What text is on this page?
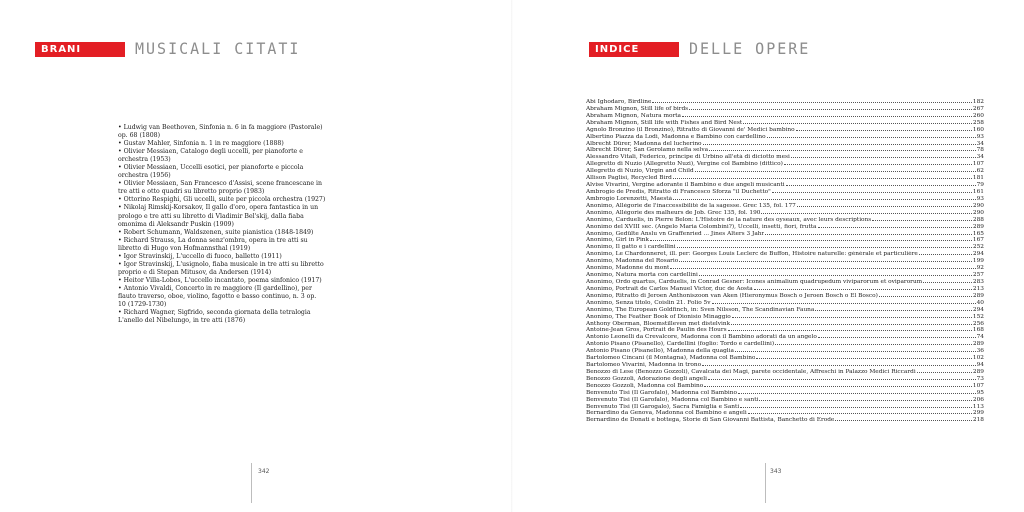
BRANI	MUSICALI CITATI

• Ludwig van Beethoven, Sinfonia n. 6 in fa maggiore (Pastorale) op. 68 (1808)

• Gustav Mahler, Sinfonia n. 1 in re maggiore (1888)

• Olivier Messiaen, Catalogo degli uccelli, per pianoforte e orchestra (1953)

• Olivier Messiaen, Uccelli esotici, per pianoforte e piccola orchestra (1956)

• Olivier Messiaen, San Francesco d'Assisi, scene francescane in tre atti e otto quadri su libretto proprio (1983)

• Ottorino Respighi, Gli uccelli, suite per piccola orchestra (1927)

• Nikolaj Rimskij-Korsakov, Il gallo d'oro, opera fantastica in un prologo e tre atti su libretto di Vladimir Bel'skij, dalla fiaba omonima di Aleksandr Puskin (1909)

• Robert Schumann, Waldszenen, suite pianistica (1848-1849)

• Richard Strauss, La donna senz'ombra, opera in tre atti su libretto di Hugo von Hofmannsthal (1919)

• Igor Stravinskij, L'uccello di fuoco, balletto (1911)

• Igor Stravinskij, L'usignolo, fiaba musicale in tre atti su libretto proprio e di Stepan Mitusov, da Andersen (1914)

• Heitor Villa-Lobos, L'uccello incantato, poema sinfonico (1917)

• Antonio Vivaldi, Concerto in re maggiore (Il gardellino), per flauto traverso, oboe, violino, fagotto e basso continuo, n. 3 op. 10 (1729-1730)

• Richard Wagner, Sigfrido, seconda giornata della tetralogia L'anello del Nibelungo, in tre atti (1876)

342
INDICE	DELLE OPERE
Abi Ighodaro, Birdline	182
Abraham Mignon, Still life of birds	267
Abraham Mignon, Natura morta	260
Abraham Mignon, Still life with Fishes and Bird Nest	258
Agnolo Bronzino (il Bronzino), Ritratto di Giovanni de' Medici bambino	160
Albertino Piazza da Lodi, Madonna e Bambino con cardellino	93
Albrecht Dürer, Madonna del lucherino	34
Albrecht Dürer, San Gerolamo nella selva	78
Alessandro Vitali, Federico, principe di Urbino all'età di diciotto mesi	34
Allegretto di Nuzio (Allegretto Nuzi), Vergine col Bambino (dittico)	107
Allegretto di Nuzio, Virgin and Child	62
Allison Paglisi, Recycled Bird	181
Alvise Vivarini, Vergine adorante il Bambino e due angeli musicanti	79
Ambrogio de Predis, Ritratto di Francesco Sforza "il Duchetto"	161
Ambrogio Lorenzetti, Maestà	93
Anonimo, Allégorie de l'inaccessibilité de la sagesse. Grec 135, fol. 177	290
Anonimo, Allégorie des malheurs de Job. Grec 135, fol. 190	290
Anonimo, Carduelis, in Pierre Belon: L'Histoire de la nature des oyseaux, avec leurs descriptions	288
Anonimo del XVIII sec. (Angelo Maria Colombini?), Uccelli, insetti, fiori, frutta	289
Anonimo, Gedülte Anslu vn Graffenried ... Jines Alters 3 Jahr	165
Anonimo, Girl in Pink	167
Anonimo, Il gatto e i cardellini	252
Anonimo, Le Chardonneret, ill. per: Georges Louis Leclerc de Buffon, Histoire naturelle: générale et particulière	294
Anonimo, Madonna del Rosario	199
Anonimo, Madonne du mont	92
Anonimo, Natura morta con cardellini	257
Anonimo, Ordo quartus, Carduelis, in Conrad Gesner: Icones animalium quadrupedum viviparorum et oviparorum	283
Anonimo, Portrait de Carlos Manuel Victor, duc de Aosta	213
Anonimo, Ritratto di Jeroen Anthoniszoon van Aken (Hieronymus Bosch o Jeroen Bosch o El Bosco)	289
Anonimo, Senza titolo, Coislin 21. Folio 5v	40
Anonimo, The European Goldfinch, in: Sven Nilsson, The Scandinavian Fauna	294
Anonimo, The Feather Book of Dionisio Minaggio	152
Anthony Oberman, Bloemstilleven met distelvink	256
Antoine-Jean Gros, Portrait de Paulin des Hours	168
Antonio Leonelli da Crevalcore, Madonna con il Bambino adorati da un angelo	74
Antonio Pisano (Pisanello), Cardellini (foglio: Tordo e cardellini)	289
Antonio Pisano (Pisanello), Madonna della quaglia	36
Bartolomeo Cincani (il Montagna), Madonna col Bambino	102
Bartolomeo Vivarini, Madonna in trono	94
Benozzo di Lese (Benozzo Gozzoli), Cavalcata dei Magi, parete occidentale, Affreschi in Palazzo Medici Riccardi	289
Benozzo Gozzoli, Adorazione degli angeli	73
Benozzo Gozzoli, Madonna col Bambino	107
Benvenuto Tisi (Il Garofalo), Madonna col Bambino	95
Benvenuto Tisi (Il Garofalo), Madonna col Bambino e santi	206
Benvenuto Tisi (Il Garogalo), Sacra Famiglia e Santi	113
Bernardino da Genova, Madonna col Bambino e angeli	299
Bernardino de Donati e bottega, Storie di San Giovanni Battista, Banchetto di Erode	218
343
